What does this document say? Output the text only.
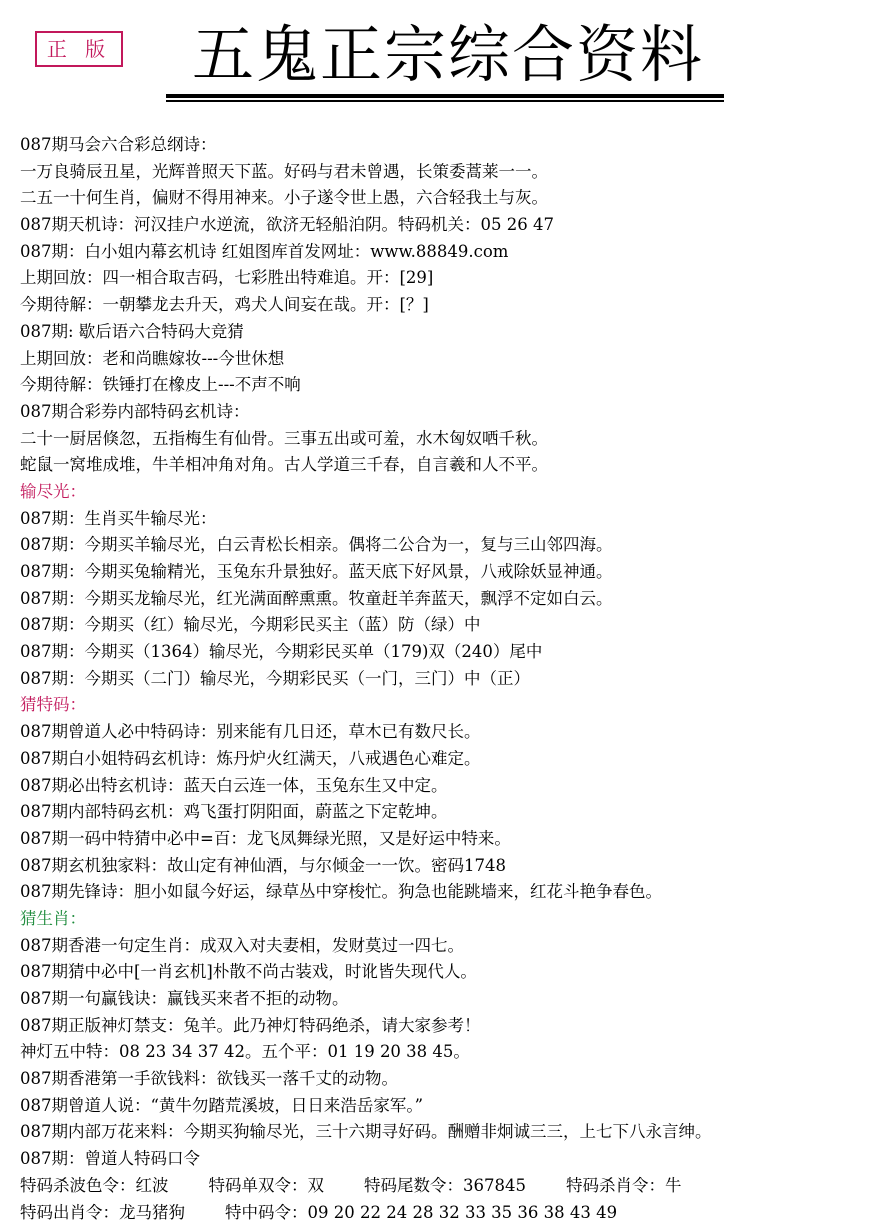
正 版	五鬼正宗综合资料
087期马会六合彩总纲诗：
一万良骑辰丑星，光辉普照天下蓝。好码与君未曾遇，长策委蒿莱一一。
二五一十何生肖，偏财不得用神来。小子遂令世上愚，六合轻我土与灰。
087期天机诗：河汉挂户水逆流，欲济无轻船泊阴。特码机关：05 26 47
087期：白小姐内幕玄机诗 红姐图库首发网址：www.88849.com
上期回放：四一相合取吉码，七彩胜出特难追。开：[29]
今期待解：一朝攀龙去升天，鸡犬人间妄在哉。开：[？]
087期: 歇后语六合特码大竞猜
上期回放：老和尚瞧嫁妆---今世休想
今期待解：铁锤打在橡皮上---不声不响
087期合彩券内部特码玄机诗：
二十一厨居倏忽，五指梅生有仙骨。三事五出或可羞，水木匈奴哂千秋。
蛇鼠一窝堆成堆，牛羊相冲角对角。古人学道三千春，自言羲和人不平。
输尽光：
087期：生肖买牛输尽光：
087期：今期买羊输尽光，白云青松长相亲。偶将二公合为一，复与三山邻四海。
087期：今期买兔输精光，玉兔东升景独好。蓝天底下好风景，八戒除妖显神通。
087期：今期买龙输尽光，红光满面醉熏熏。牧童赶羊奔蓝天，飘浮不定如白云。
087期：今期买（红）输尽光，今期彩民买主（蓝）防（绿）中
087期：今期买（1364）输尽光，今期彩民买单（179)双（240）尾中
087期：今期买（二门）输尽光，今期彩民买（一门，三门）中（正）
猜特码：
087期曾道人必中特码诗：别来能有几日还，草木已有数尺长。
087期白小姐特码玄机诗：炼丹炉火红满天，八戒遇色心难定。
087期必出特玄机诗：蓝天白云连一体，玉兔东生又中定。
087期内部特码玄机：鸡飞蛋打阴阳面，蔚蓝之下定乾坤。
087期一码中特猜中必中=百：龙飞凤舞绿光照，又是好运中特来。
087期玄机独家料：故山定有神仙酒，与尔倾金一一饮。密码1748
087期先锋诗：胆小如鼠今好运，绿草丛中穿梭忙。狗急也能跳墙来，红花斗艳争春色。
猜生肖：
087期香港一句定生肖：成双入对夫妻相，发财莫过一四七。
087期猜中必中[一肖玄机]朴散不尚古装戏，时讹皆失现代人。
087期一句赢钱诀：赢钱买来者不拒的动物。
087期正版神灯禁支：兔羊。此乃神灯特码绝杀，请大家参考！
神灯五中特：08 23 34 37 42。五个平：01 19 20 38 45。
087期香港第一手欲钱料：欲钱买一落千丈的动物。
087期曾道人说：“黄牛勿踏荒溪坡，日日来浩岳家军。”
087期内部万花来料：今期买狗输尽光，三十六期寻好码。酬赠非炯诚三三，上七下八永言绅。
087期：曾道人特码口令
特码杀波色令：红波 特码单双令：双 特码尾数令：367845 特码杀肖令：牛
特码出肖令：龙马猪狗 特中码令：09 20 22 24 28 32 33 35 36 38 43 49
